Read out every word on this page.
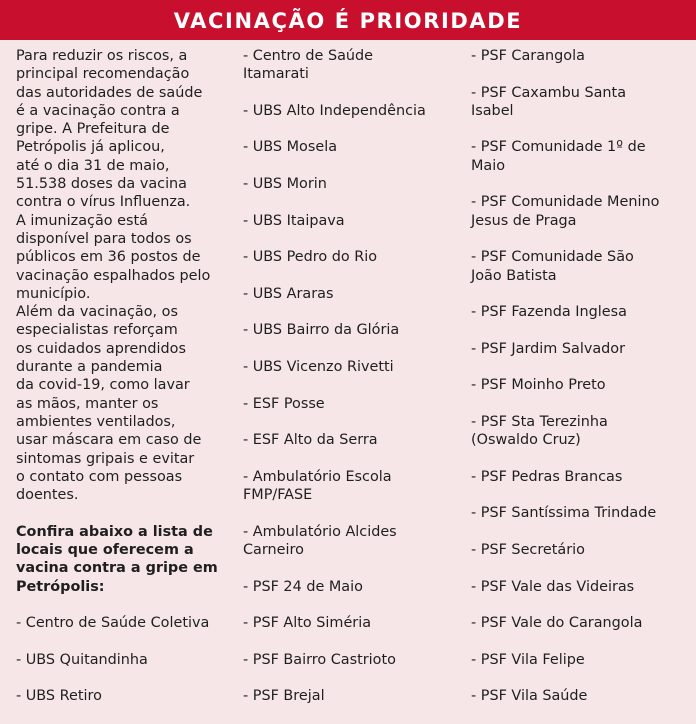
VACINAÇÃO É PRIORIDADE

Para reduzir os riscos, a
principal recomendação
das autoridades de saúde
é a vacinação contra a
gripe. A Prefeitura de
Petrópolis já aplicou,
até o dia 31 de maio,
51.538 doses da vacina
contra o vírus Influenza.
A imunização está
disponível para todos os
públicos em 36 postos de
vacinação espalhados pelo
município.

Além da vacinação, os
especialistas reforçam
os cuidados aprendidos
durante a pandemia
da covid-19, como lavar
as mãos, manter os
ambientes ventilados,
usar máscara em caso de
sintomas gripais e evitar
o contato com pessoas
doentes.

Confira abaixo a lista de
locais que oferecem a
vacina contra a gripe em
Petrópolis:

- Centro de Saúde Coletiva
- UBS Quitandinha
- UBS Retiro
- Centro de Saúde
Itamarati
- UBS Alto Independência
- UBS Mosela
- UBS Morin
- UBS Itaipava
- UBS Pedro do Rio
- UBS Araras
- UBS Bairro da Glória
- UBS Vicenzo Rivetti
- ESF Posse
- ESF Alto da Serra
- Ambulatório Escola
FMP/FASE
- Ambulatório Alcides
Carneiro
- PSF 24 de Maio
- PSF Alto Siméria
- PSF Bairro Castrioto
- PSF Brejal
- PSF Carangola
- PSF Caxambu Santa
Isabel
- PSF Comunidade 1º de
Maio
- PSF Comunidade Menino
Jesus de Praga
- PSF Comunidade São
João Batista
- PSF Fazenda Inglesa
- PSF Jardim Salvador
- PSF Moinho Preto
- PSF Sta Terezinha
(Oswaldo Cruz)
- PSF Pedras Brancas
- PSF Santíssima Trindade
- PSF Secretário
- PSF Vale das Videiras
- PSF Vale do Carangola
- PSF Vila Felipe
- PSF Vila Saúde
